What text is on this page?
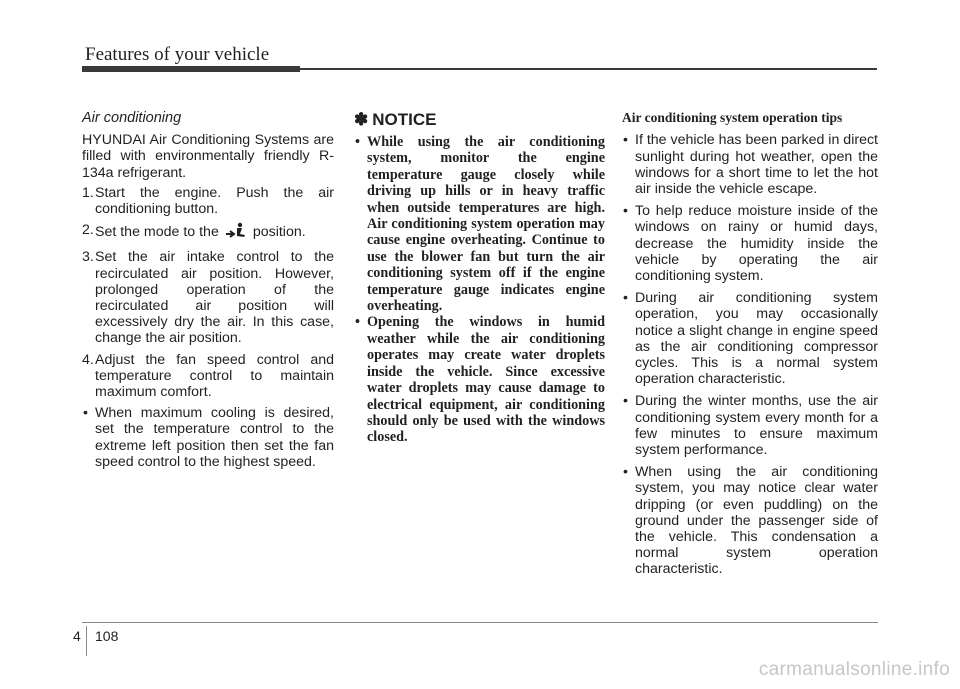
Features of your vehicle

Air conditioning

HYUNDAI Air Conditioning Systems are filled with environmentally friendly R-134a refrigerant.

1. Start the engine. Push the air conditioning button.
2. Set the mode to the position.
3. Set the air intake control to the recirculated air position. However, prolonged operation of the recirculated air position will excessively dry the air. In this case, change the air position.
4. Adjust the fan speed control and temperature control to maintain maximum comfort.
• When maximum cooling is desired, set the temperature control to the extreme left position then set the fan speed control to the highest speed.
✽ NOTICE
• While using the air conditioning system, monitor the engine temperature gauge closely while driving up hills or in heavy traffic when outside temperatures are high. Air conditioning system operation may cause engine overheating. Continue to use the blower fan but turn the air conditioning system off if the engine temperature gauge indicates engine overheating.
• Opening the windows in humid weather while the air conditioning operates may create water droplets inside the vehicle. Since excessive water droplets may cause damage to electrical equipment, air conditioning should only be used with the windows closed.

Air conditioning system operation tips

• If the vehicle has been parked in direct sunlight during hot weather, open the windows for a short time to let the hot air inside the vehicle escape.
• To help reduce moisture inside of the windows on rainy or humid days, decrease the humidity inside the vehicle by operating the air conditioning system.
• During air conditioning system operation, you may occasionally notice a slight change in engine speed as the air conditioning compressor cycles. This is a normal system operation characteristic.
• During the winter months, use the air conditioning system every month for a few minutes to ensure maximum system performance.
• When using the air conditioning system, you may notice clear water dripping (or even puddling) on the ground under the passenger side of the vehicle. This condensation a normal system operation characteristic.
4 108
carmanualsonline.info
